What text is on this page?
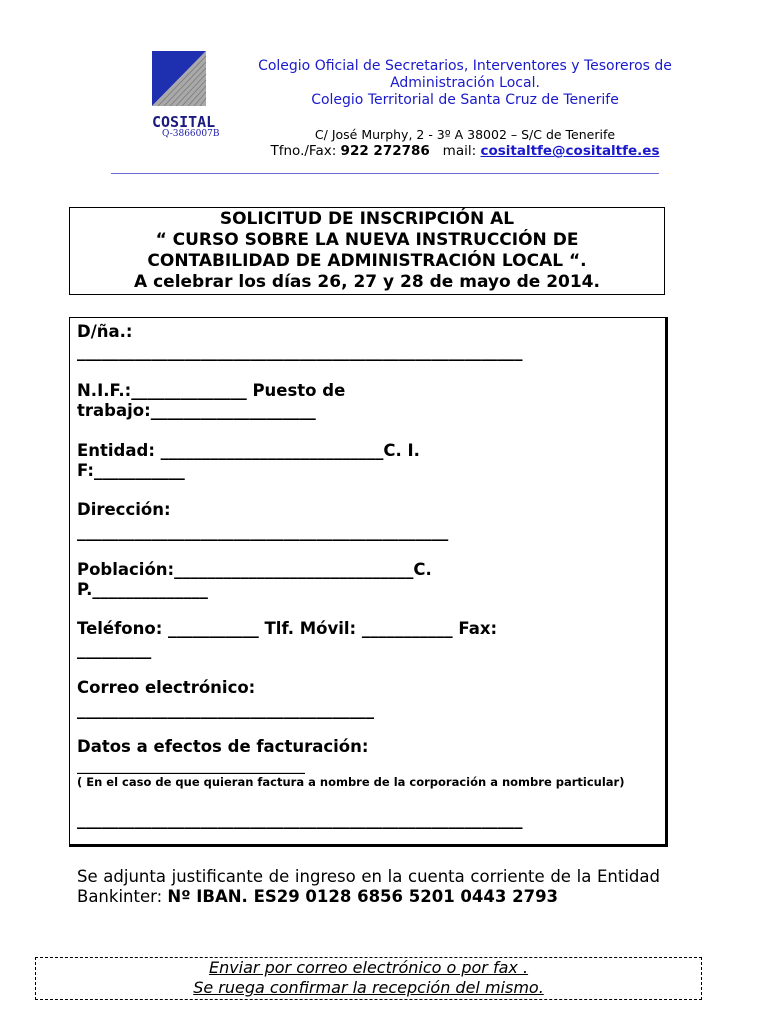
COSITAL
Q-3866007B
Colegio Oficial de Secretarios, Interventores y Tesoreros de
Administración Local.
Colegio Territorial de Santa Cruz de Tenerife
C/ José Murphy, 2 - 3º A 38002 – S/C de Tenerife
Tfno./Fax: 922 272786   mail: cositaltfe@cositaltfe.es
SOLICITUD DE INSCRIPCIÓN AL
“ CURSO SOBRE LA NUEVA INSTRUCCIÓN DE
CONTABILIDAD DE ADMINISTRACIÓN LOCAL “.
A celebrar los días 26, 27 y 28 de mayo de 2014.
D/ña.:
______________________________________________________
N.I.F.:______________ Puesto de
trabajo:____________________
Entidad: ___________________________C. I.
F:___________
Dirección:
_____________________________________________
Población:_____________________________C.
P.______________
Teléfono: ___________ Tlf. Móvil: ___________ Fax:
_________
Correo electrónico:
____________________________________
Datos a efectos de facturación:
______________________________________
( En el caso de que quieran factura a nombre de la corporación a nombre particular)
______________________________________________________
Se adjunta justificante de ingreso en la cuenta corriente de la Entidad Bankinter: Nº IBAN. ES29 0128 6856 5201 0443 2793
Enviar por correo electrónico o por fax .
Se ruega confirmar la recepción del mismo.
